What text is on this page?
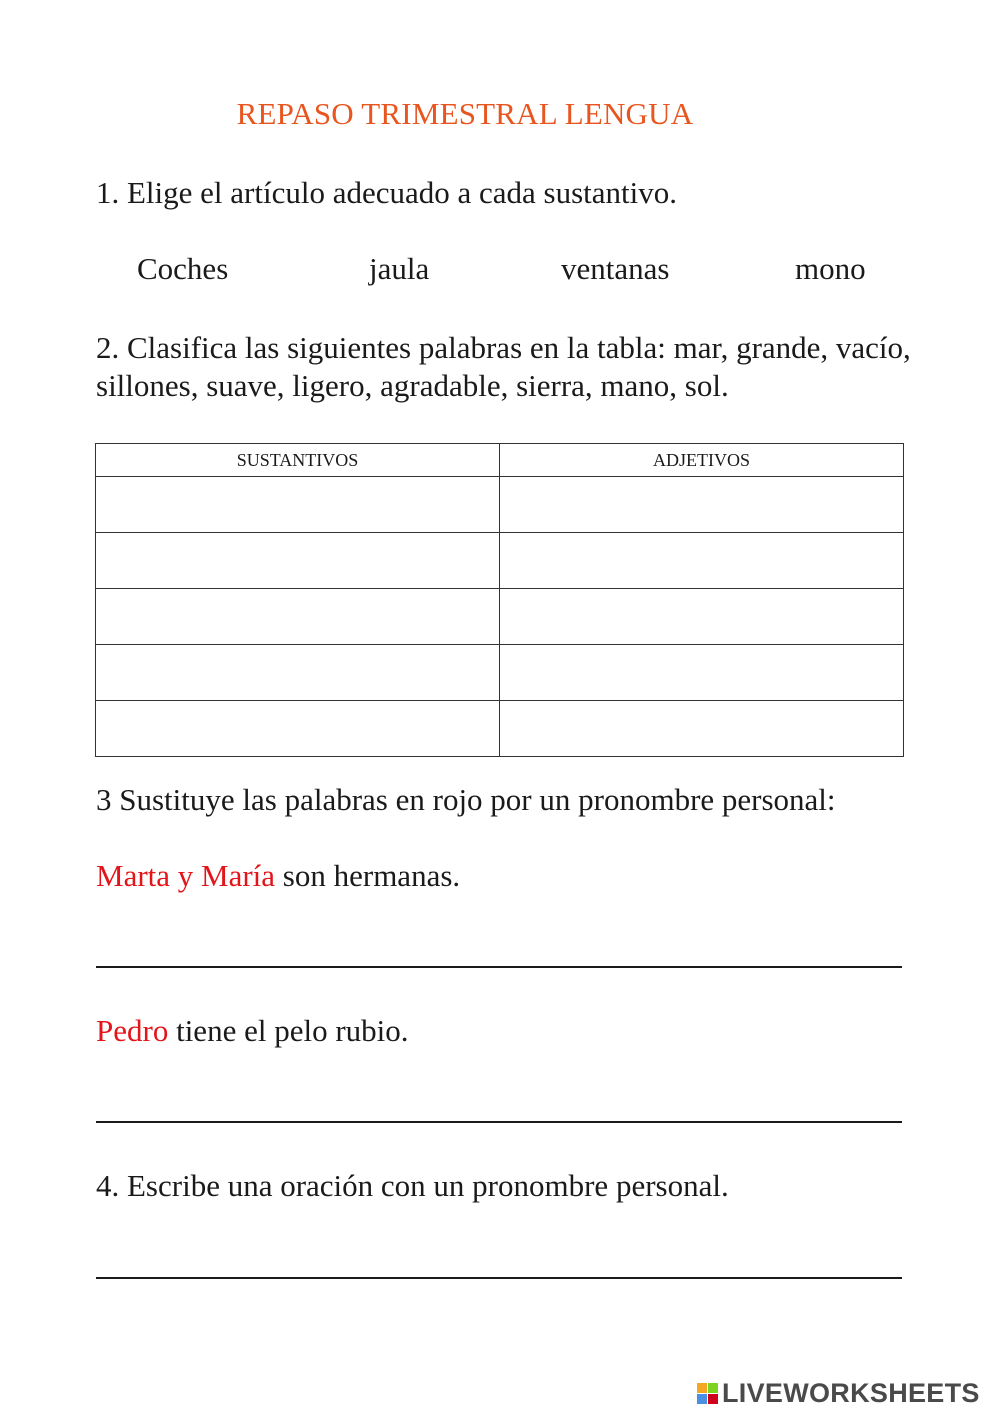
REPASO TRIMESTRAL LENGUA
1. Elige el artículo adecuado a cada sustantivo.
Coches	jaula	ventanas	mono
2. Clasifica las siguientes palabras en la tabla: mar, grande, vacío, sillones, suave, ligero, agradable, sierra, mano, sol.
SUSTANTIVOS	ADJETIVOS

3 Sustituye las palabras en rojo por un pronombre personal:
Marta y María son hermanas.
Pedro tiene el pelo rubio.
4. Escribe una oración con un pronombre personal.
LIVEWORKSHEETS
